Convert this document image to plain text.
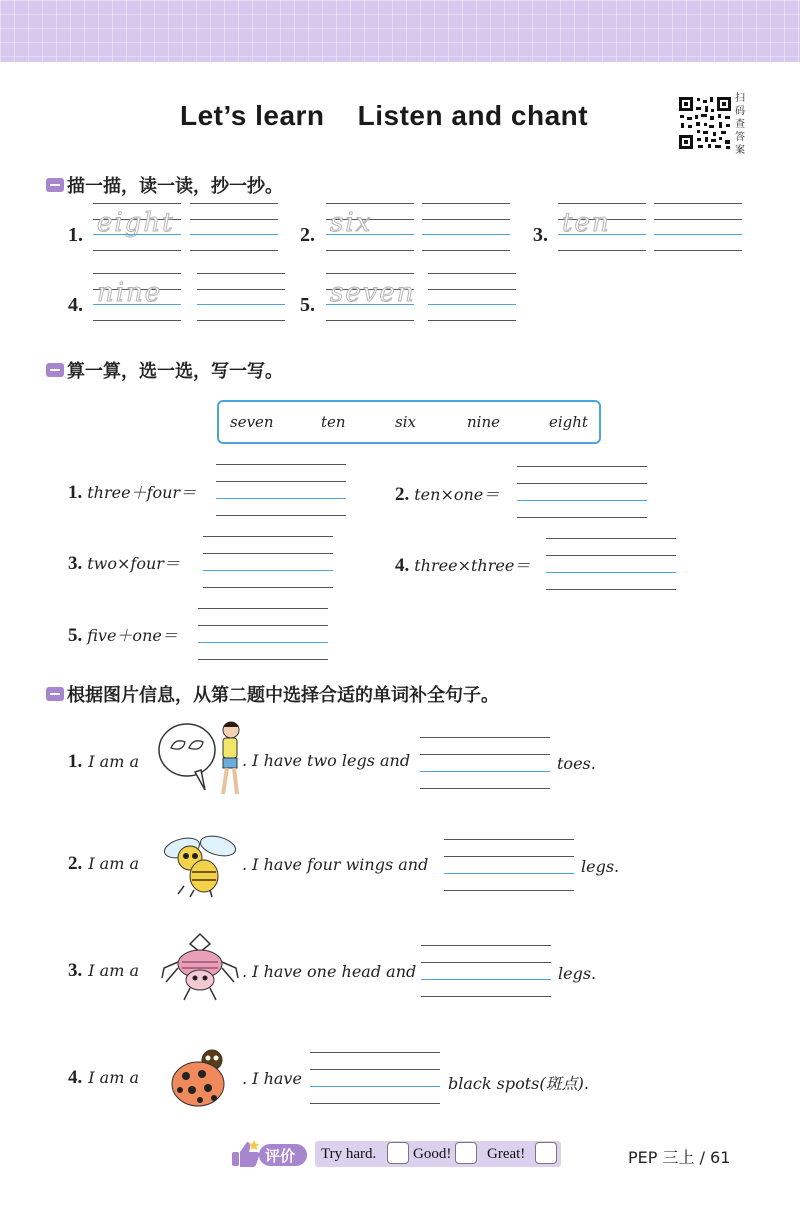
Let’s learn    Listen and chant
扫
码
查
答
案
描一描，读一读，抄一抄。
1. eight	2. six	3. ten
4. nine	5. seven
算一算，选一选，写一写。
seven	ten	six	nine	eight
1. three＋four＝	2. ten×one＝
3. two×four＝	4. three×three＝
5. five＋one＝
根据图片信息，从第二题中选择合适的单词补全句子。
1. I am a	. I have two legs and	toes.
2. I am a	. I have four wings and	legs.
3. I am a	. I have one head and	legs.
4. I am a	. I have	black spots(斑点).
评价 Try hard. Good! Great!	PEP 三上 / 61
